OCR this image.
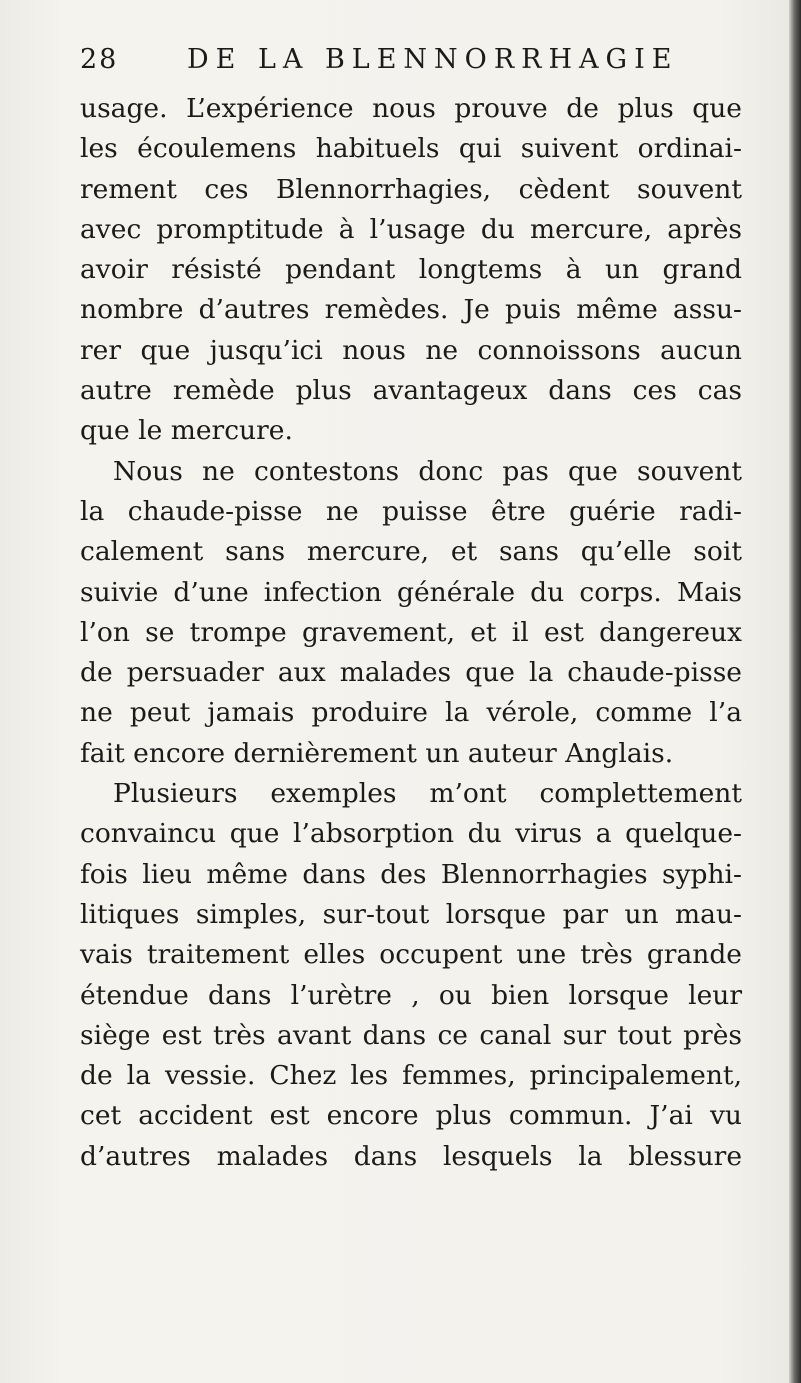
28	DE LA BLENNORRHAGIE
usage. L’expérience nous prouve de plus que
les écoulemens habituels qui suivent ordinai-
rement ces Blennorrhagies, cèdent souvent
avec promptitude à l’usage du mercure, après
avoir résisté pendant longtems à un grand
nombre d’autres remèdes. Je puis même assu-
rer que jusqu’ici nous ne connoissons aucun
autre remède plus avantageux dans ces cas
que le mercure.
Nous ne contestons donc pas que souvent
la chaude-pisse ne puisse être guérie radi-
calement sans mercure, et sans qu’elle soit
suivie d’une infection générale du corps. Mais
l’on se trompe gravement, et il est dangereux
de persuader aux malades que la chaude-pisse
ne peut jamais produire la vérole, comme l’a
fait encore dernièrement un auteur Anglais.
Plusieurs exemples m’ont complettement
convaincu que l’absorption du virus a quelque-
fois lieu même dans des Blennorrhagies syphi-
litiques simples, sur-tout lorsque par un mau-
vais traitement elles occupent une très grande
étendue dans l’urètre , ou bien lorsque leur
siège est très avant dans ce canal sur tout près
de la vessie. Chez les femmes, principalement,
cet accident est encore plus commun. J’ai vu
d’autres malades dans lesquels la blessure
